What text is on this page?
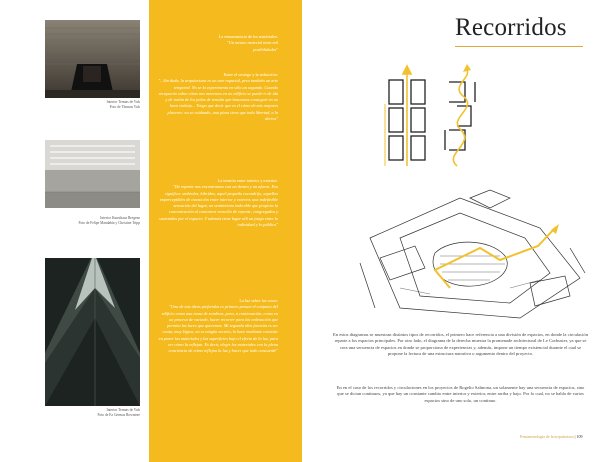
Interior Termas de Vals
Foto de Thomas Vals
Interior Kunsthaus Bregenz
Foto de Felipe Mandabía y Christine Tripp
Interior Termas de Vals
Foto de Ez Germas Rowntree
La ensonnanicia de los materiales:
"Un mismo material tiene mil
posibilidades"
Entre el sosiego y la seducción:
"...Sin duda, la arquitectura es un arte espacial, pero también un arte temporal. No se la experimenta en sólo un segundo. Cuando recapacito sobre cómo nos movemos en un edificio se puede ir de ida y de vuelta de los polos de tensión que buscamos conseguir en un buen trabajo... Tengo que decir que es el cómo de mis mayores placeres: no se cuidando, una pieza tiene que toda libertad, a la deriva"
La tensión entre interior y exterior:
"De repente nos encontramos con un dentro y un afuera. Eso significa: umbrales, hibridos, aquel pequeño escondrijo, aquellos imperceptibles de transición entre interior y exterior, una indefinible sensación del lugar, un sentimiento indecible que propicia la concentración al contornos envuelto de repente, congregados y sostenidos por el espacio. Y además tiene lugar allí un juego entre lo individual y lo público"
La luz sobre las cosas:
"Una de mis ideas preferidas es primero pensar el conjunto del edificio como una masa de sombras, para, a continuación, como en un proceso de vaciado, hacer recorrer para las ordenación que permita las luces que queremos. Mi segunda idea favorita es ser cauta, muy lógica, no es ningún secreto, lo hace mediante consistir en poner los materiales y las superficies bajo el efecto de la luz, para ver cómo la reflejan. Es decir, elegir los materiales con la plena conciencia de cómo reflejan la luz y hacer que todo concuerde"
Recorridos
En estos diagramas se muestran distintos tipos de recorridos, el primero hace referencia a una división de espacios, en donde la circulación reparte a los espacios principales. Por otro lado, el diagrama de la derecha muestra la promenade architectural de Le Corbusier, ya que se crea una secuencia de espacios en donde se proporciona de experiencias y, además, impone un tiempo existencial durante el cual se propone la lectura de una estructura narrativa o argumento dentro del proyecto.
En en el caso de los recorridos y circulaciones en los proyectos de Rogelio Salmona, un solamente hay una secuencia de espacios, sino que se dictan continuos, ya que hay un constante cambio entre interior y exterior, entre arriba y bajo. Por lo cual, no se habla de varios espacios sino de uno solo, un continuo.
Fenomenología de la arquitectura | 109
